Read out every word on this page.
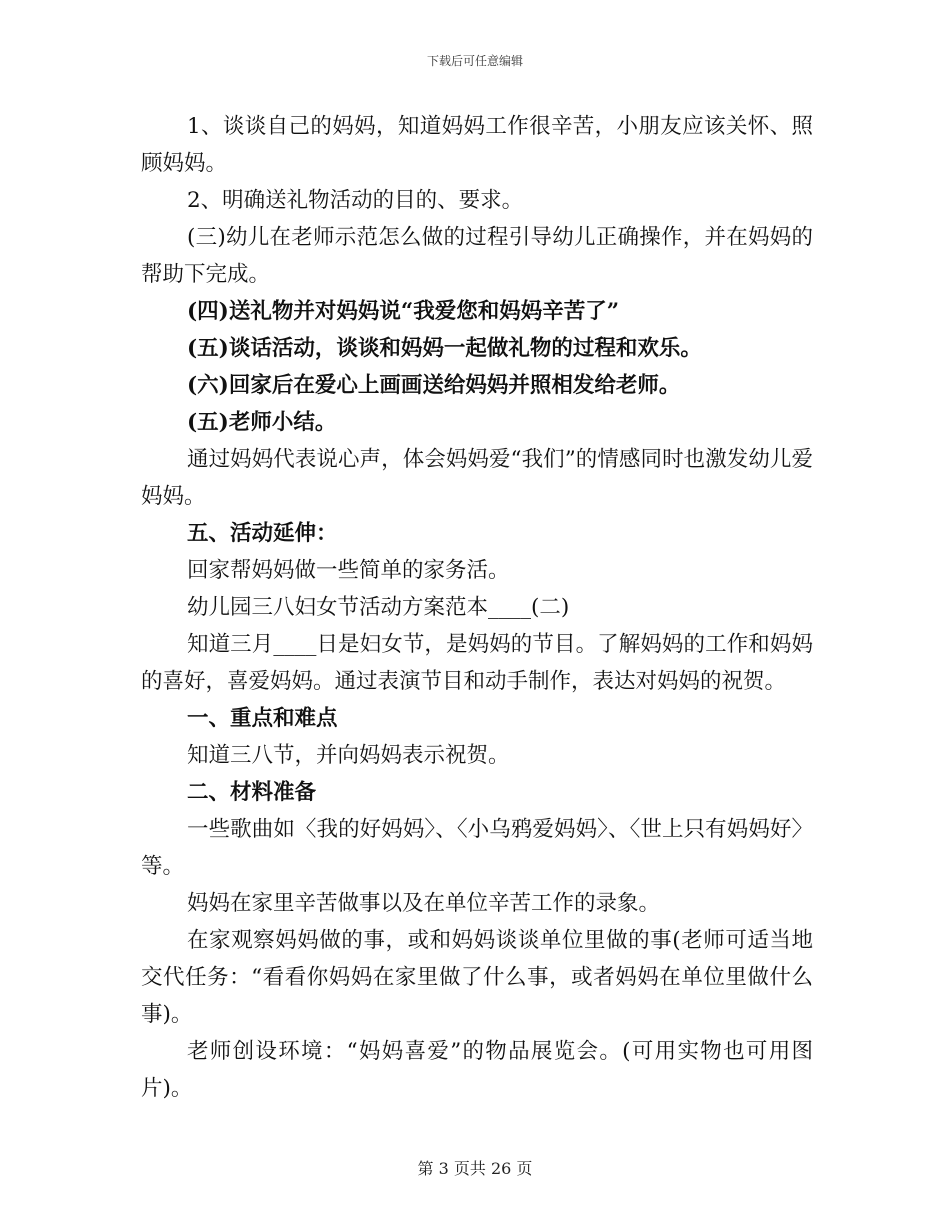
下载后可任意编辑

1、谈谈自己的妈妈，知道妈妈工作很辛苦，小朋友应该关怀、照顾妈妈。

2、明确送礼物活动的目的、要求。

(三)幼儿在老师示范怎么做的过程引导幼儿正确操作，并在妈妈的帮助下完成。

(四)送礼物并对妈妈说“我爱您和妈妈辛苦了”

(五)谈话活动，谈谈和妈妈一起做礼物的过程和欢乐。

(六)回家后在爱心上画画送给妈妈并照相发给老师。

(五)老师小结。

通过妈妈代表说心声，体会妈妈爱“我们”的情感同时也激发幼儿爱妈妈。

五、活动延伸：

回家帮妈妈做一些简单的家务活。

幼儿园三八妇女节活动方案范本____(二)

知道三月____日是妇女节，是妈妈的节目。了解妈妈的工作和妈妈的喜好，喜爱妈妈。通过表演节目和动手制作，表达对妈妈的祝贺。

一、重点和难点

知道三八节，并向妈妈表示祝贺。

二、材料准备

一些歌曲如〈我的好妈妈〉、〈小乌鸦爱妈妈〉、〈世上只有妈妈好〉等。

妈妈在家里辛苦做事以及在单位辛苦工作的录象。

在家观察妈妈做的事，或和妈妈谈谈单位里做的事(老师可适当地交代任务：“看看你妈妈在家里做了什么事，或者妈妈在单位里做什么事)。

老师创设环境：“妈妈喜爱”的物品展览会。(可用实物也可用图片)。

第 3 页共 26 页
